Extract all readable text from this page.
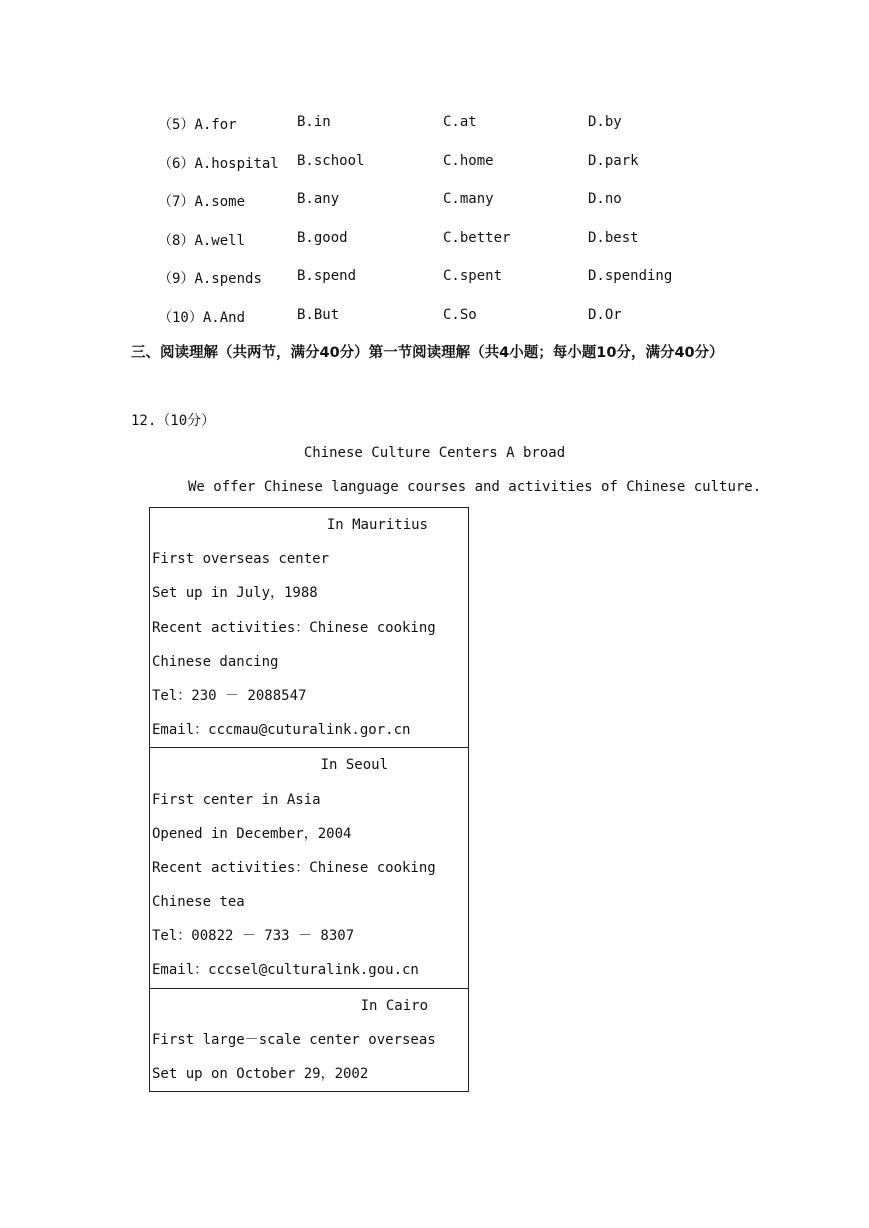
（5）A.for	B.in	C.at	D.by
（6）A.hospital B.school	C.home	D.park
（7）A.some	B.any	C.many	D.no
（8）A.well	B.good	C.better	D.best
（9）A.spends	B.spend	C.spent	D.spending
（10）A.And	B.But	C.So	D.Or
三、阅读理解（共两节，满分40分）第一节阅读理解（共4小题；每小题10分，满分40分）
12.（10分）
Chinese Culture Centers A broad
We offer Chinese language courses and activities of Chinese culture.
In Mauritius
First overseas center
Set up in July，1988
Recent activities：Chinese cooking
Chinese dancing
Tel：230 － 2088547
Email：cccmau@cuturalink.gor.cn

In Seoul
First center in Asia
Opened in December，2004
Recent activities：Chinese cooking
Chinese tea
Tel：00822 － 733 － 8307
Email：cccsel@culturalink.gou.cn

In Cairo
First large－scale center overseas
Set up on October 29，2002
